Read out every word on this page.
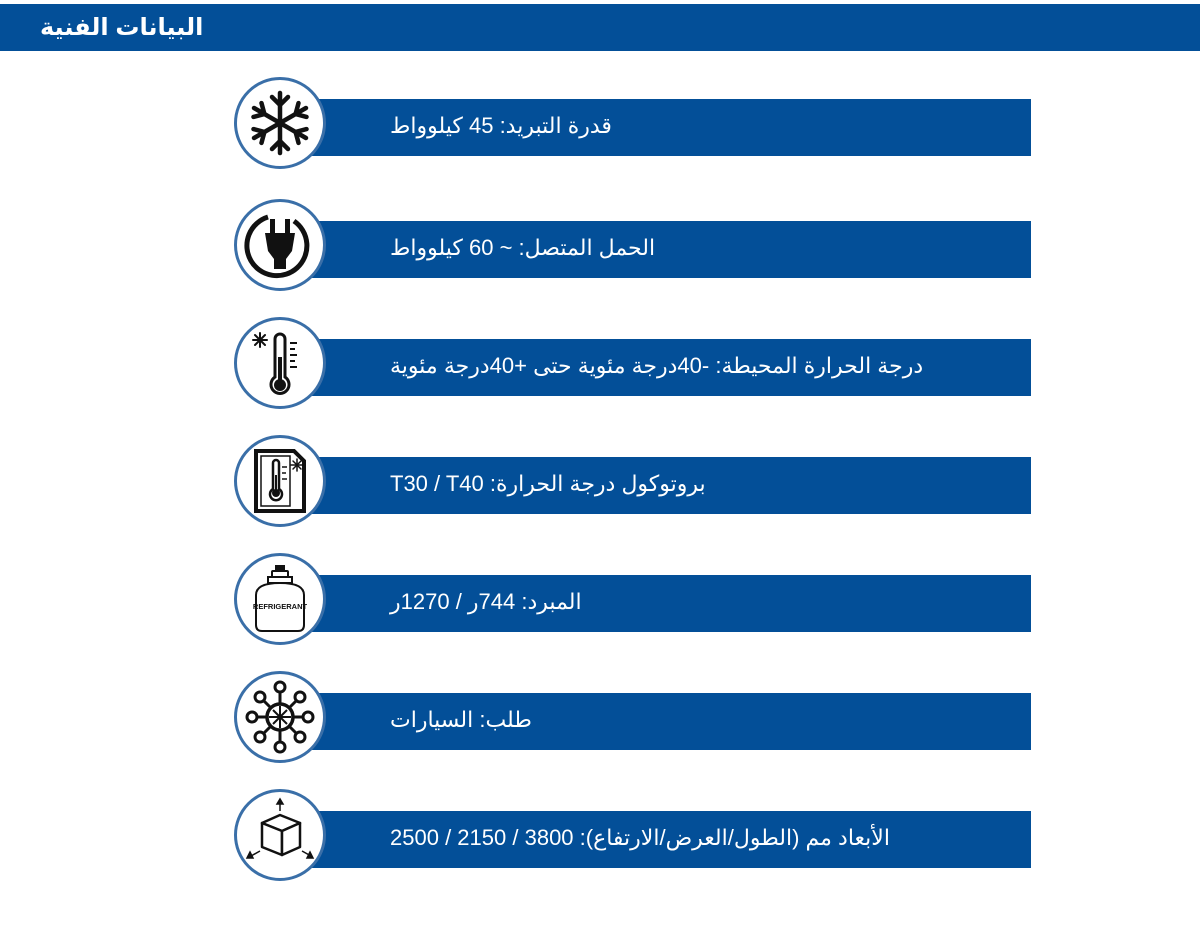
البيانات الفنية
قدرة التبريد: 45 كيلوواط
الحمل المتصل: ~ 60 كيلوواط
درجة الحرارة المحيطة: -40درجة مئوية حتى +40درجة مئوية
بروتوكول درجة الحرارة: T30 / T40
المبرد: 744ر / 1270ر
REFRIGERANT
طلب: السيارات
الأبعاد مم (الطول/العرض/الارتفاع): 3800 / 2150 / 2500
